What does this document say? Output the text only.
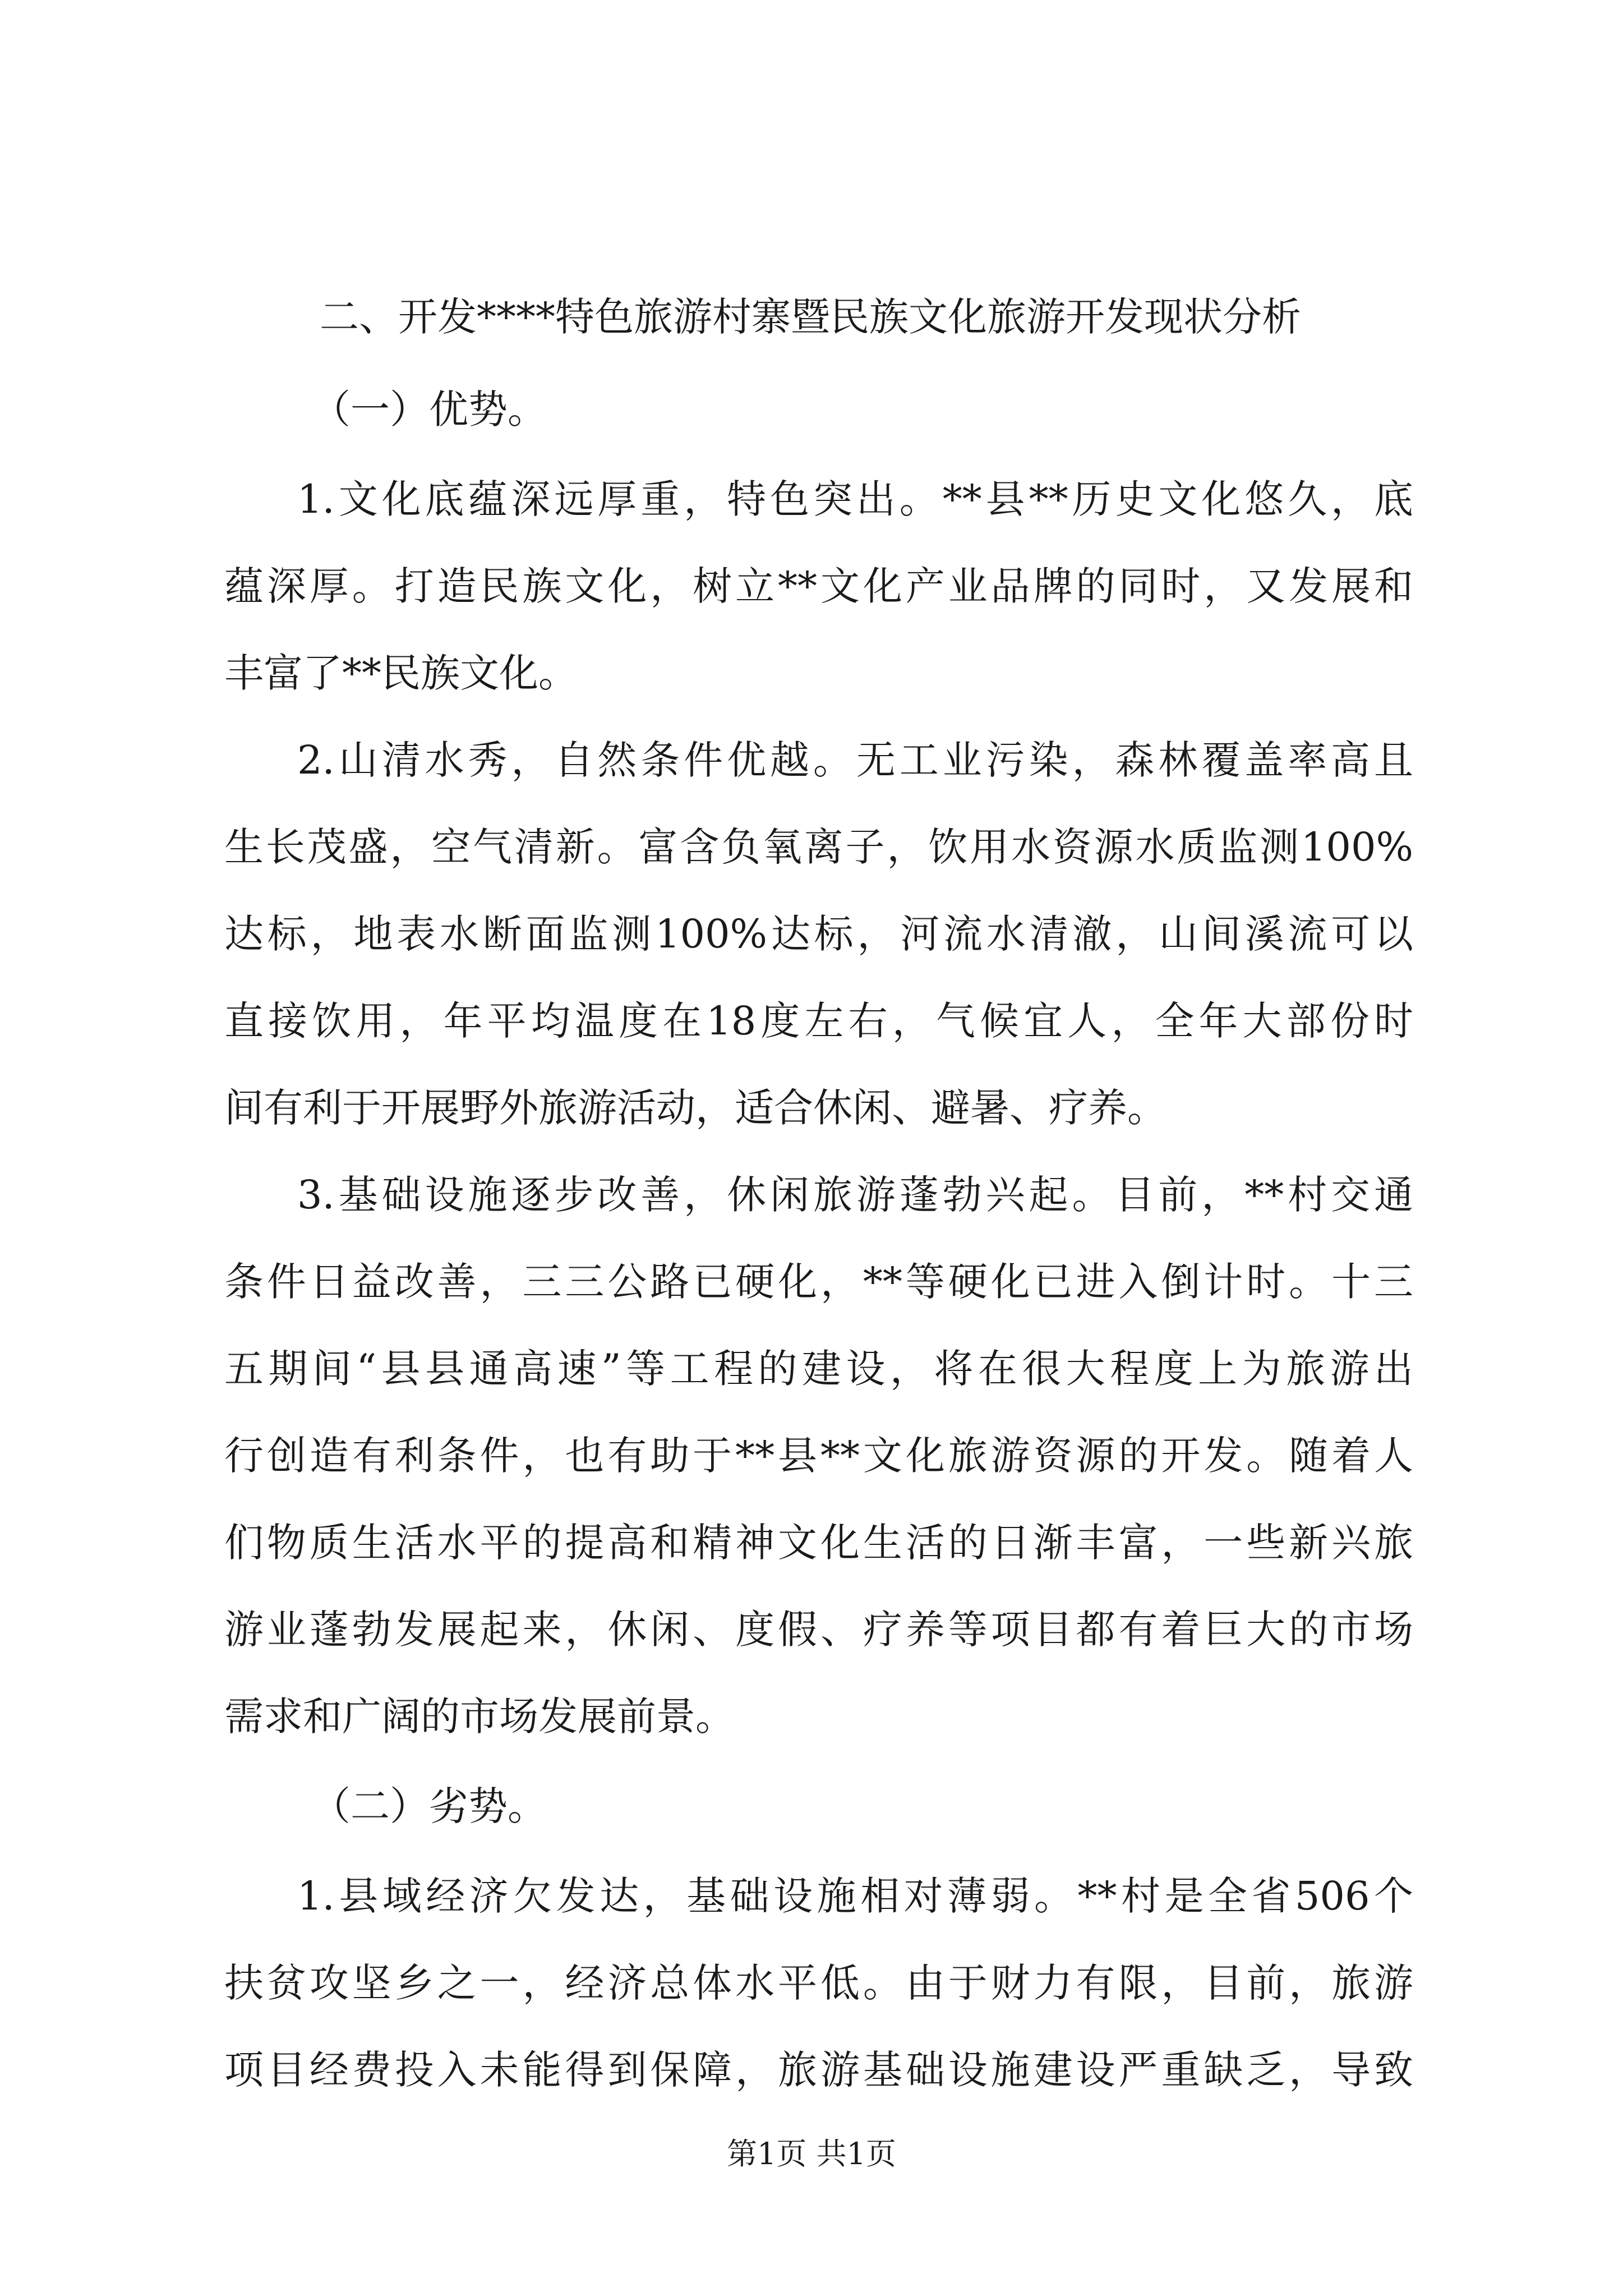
二、开发****特色旅游村寨暨民族文化旅游开发现状分析
（一）优势。
1.文化底蕴深远厚重，特色突出。**县**历史文化悠久，底
蕴深厚。打造民族文化，树立**文化产业品牌的同时，又发展和
丰富了**民族文化。
2.山清水秀，自然条件优越。无工业污染，森林覆盖率高且
生长茂盛，空气清新。富含负氧离子，饮用水资源水质监测100%
达标，地表水断面监测100%达标，河流水清澈，山间溪流可以
直接饮用，年平均温度在18度左右，气候宜人，全年大部份时
间有利于开展野外旅游活动，适合休闲、避暑、疗养。
3.基础设施逐步改善，休闲旅游蓬勃兴起。目前，**村交通
条件日益改善，三三公路已硬化，**等硬化已进入倒计时。十三
五期间“县县通高速”等工程的建设，将在很大程度上为旅游出
行创造有利条件，也有助于**县**文化旅游资源的开发。随着人
们物质生活水平的提高和精神文化生活的日渐丰富，一些新兴旅
游业蓬勃发展起来，休闲、度假、疗养等项目都有着巨大的市场
需求和广阔的市场发展前景。
（二）劣势。
1.县域经济欠发达，基础设施相对薄弱。**村是全省506个
扶贫攻坚乡之一，经济总体水平低。由于财力有限，目前，旅游
项目经费投入未能得到保障，旅游基础设施建设严重缺乏，导致
第1页 共1页
